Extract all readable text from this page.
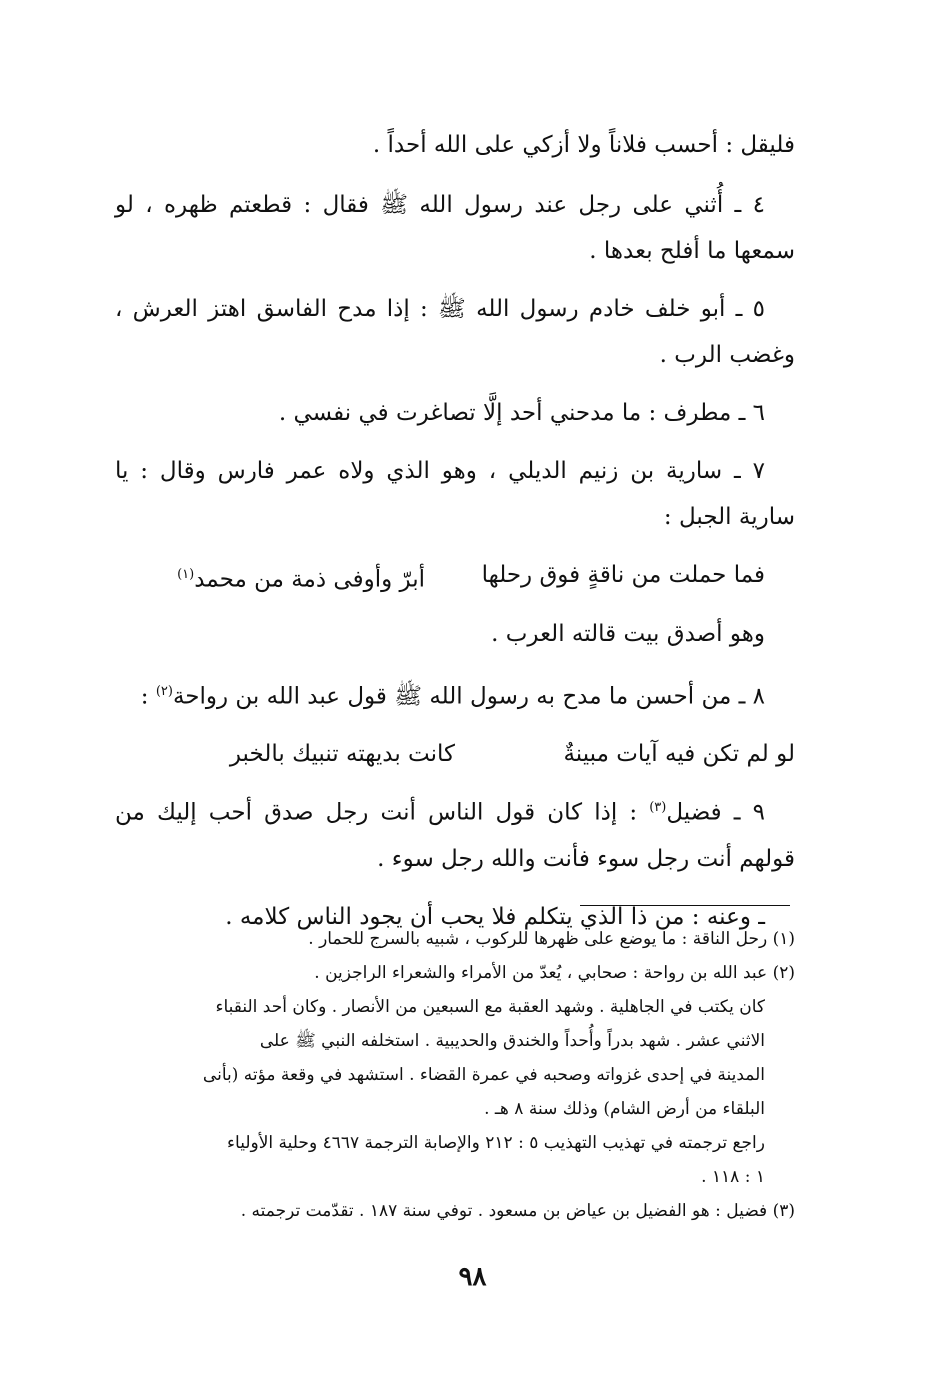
فليقل : أحسب فلاناً ولا أزكي على الله أحداً .

٤ ـ أُثني على رجل عند رسول الله ﷺ فقال : قطعتم ظهره ، لو
سمعها ما أفلح بعدها .

٥ ـ أبو خلف خادم رسول الله ﷺ : إذا مدح الفاسق اهتز العرش ،
وغضب الرب .

٦ ـ مطرف : ما مدحني أحد إلَّا تصاغرت في نفسي .

٧ ـ سارية بن زنيم الديلي ، وهو الذي ولاه عمر فارس وقال : يا
سارية الجبل :

فما حملت من ناقةٍ فوق رحلها
أبرّ وأوفى ذمة من محمد$^{(١)}$

وهو أصدق بيت قالته العرب .

٨ ـ من أحسن ما مدح به رسول الله ﷺ قول عبد الله بن رواحة$^{(٢)}$ :

لو لم تكن فيه آيات مبينةٌ
كانت بديهته تنبيك بالخبر

٩ ـ فضيل$^{(٣)}$ : إذا كان قول الناس أنت رجل صدق أحب إليك من
قولهم أنت رجل سوء فأنت والله رجل سوء .

ـ وعنه : من ذا الذي يتكلم فلا يحب أن يجود الناس كلامه .

(١) رحل الناقة : ما يوضع على ظهرها للركوب ، شبيه بالسرج للحمار .

(٢) عبد الله بن رواحة : صحابي ، يُعدّ من الأمراء والشعراء الراجزين .

كان يكتب في الجاهلية . وشهد العقبة مع السبعين من الأنصار . وكان أحد النقباء
الاثني عشر . شهد بدراً وأُحداً والخندق والحديبية . استخلفه النبي ﷺ على
المدينة في إحدى غزواته وصحبه في عمرة القضاء . استشهد في وقعة مؤته (بأنى
البلقاء من أرض الشام) وذلك سنة ٨ هـ .
راجع ترجمته في تهذيب التهذيب ٥ : ٢١٢ والإصابة الترجمة ٤٦٦٧ وحلية الأولياء
١ : ١١٨ .

(٣) فضيل : هو الفضيل بن عياض بن مسعود . توفي سنة ١٨٧ . تقدّمت ترجمته .

٩٨
